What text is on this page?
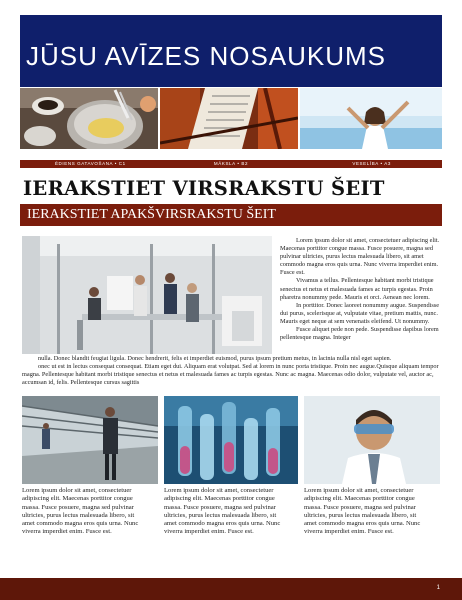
JŪSU AVĪZES NOSAUKUMS
ĒDIENS GATAVOŠANA • C1	MĀKSLA • B2	VESELĪBA • A3
IERAKSTIET VIRSRAKSTU ŠEIT
IERAKSTIET APAKŠVIRSRAKSTU ŠEIT

Lorem ipsum dolor sit amet, consectetuer adipiscing elit. Maecenas porttitor congue massa. Fusce posuere, magna sed pulvinar ultricies, purus lectus malesuada libero, sit amet commodo magna eros quis urna. Nunc viverra imperdiet enim. Fusce est.

Vivamus a tellus. Pellentesque habitant morbi tristique senectus et netus et malesuada fames ac turpis egestas. Proin pharetra nonummy pede. Mauris et orci. Aenean nec lorem.

In porttitor. Donec laoreet nonummy augue. Suspendisse dui purus, scelerisque at, vulputate vitae, pretium mattis, nunc. Mauris eget neque at sem venenatis eleifend. Ut nonummy.

Fusce aliquet pede non pede. Suspendisse dapibus lorem pellentesque magna. Integer

nulla. Donec blandit feugiat ligula. Donec hendrerit, felis et imperdiet euismod, purus ipsum pretium metus, in lacinia nulla nisl eget sapien.

onec ut est in lectus consequat consequat. Etiam eget dui. Aliquam erat volutpat. Sed at lorem in nunc porta tristique. Proin nec augue.Quisque aliquam tempor magna. Pellentesque habitant morbi tristique senectus et netus et malesuada fames ac turpis egestas. Nunc ac magna. Maecenas odio dolor, vulputate vel, auctor ac, accumsan id, felis. Pellentesque cursus sagittis

Lorem ipsum dolor sit amet, consectetuer adipiscing elit. Maecenas porttitor congue massa. Fusce posuere, magna sed pulvinar ultricies, purus lectus malesuada libero, sit amet commodo magna eros quis urna. Nunc viverra imperdiet enim. Fusce est.
Lorem ipsum dolor sit amet, consectetuer adipiscing elit. Maecenas porttitor congue massa. Fusce posuere, magna sed pulvinar ultricies, purus lectus malesuada libero, sit amet commodo magna eros quis urna. Nunc viverra imperdiet enim. Fusce est.
Lorem ipsum dolor sit amet, consectetuer adipiscing elit. Maecenas porttitor congue massa. Fusce posuere, magna sed pulvinar ultricies, purus lectus malesuada libero, sit amet commodo magna eros quis urna. Nunc viverra imperdiet enim. Fusce est.
1
